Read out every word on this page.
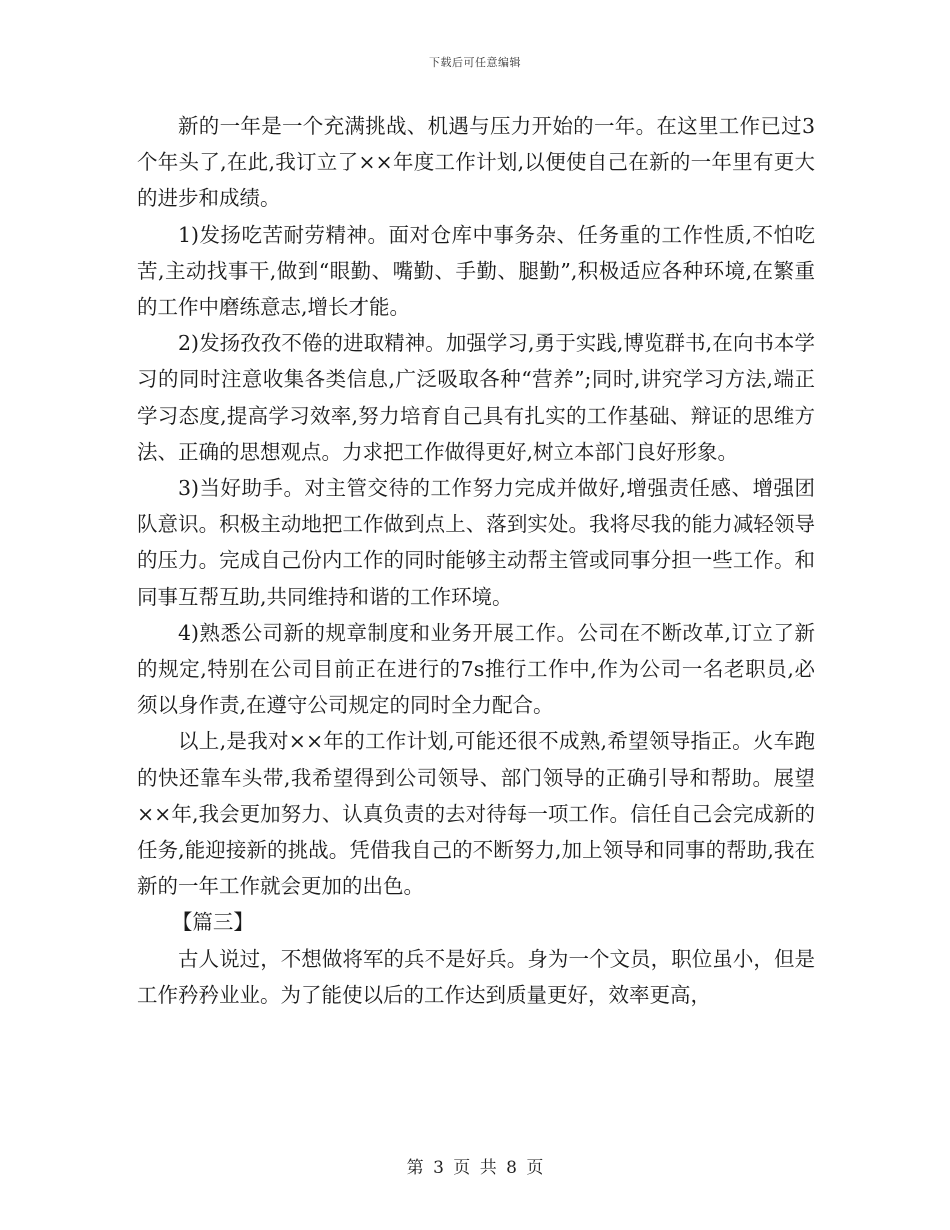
下载后可任意编辑

新的一年是一个充满挑战、机遇与压力开始的一年。在这里工作已过3个年头了,在此,我订立了××年度工作计划,以便使自己在新的一年里有更大的进步和成绩。

1)发扬吃苦耐劳精神。面对仓库中事务杂、任务重的工作性质,不怕吃苦,主动找事干,做到“眼勤、嘴勤、手勤、腿勤”,积极适应各种环境,在繁重的工作中磨练意志,增长才能。

2)发扬孜孜不倦的进取精神。加强学习,勇于实践,博览群书,在向书本学习的同时注意收集各类信息,广泛吸取各种“营养”;同时,讲究学习方法,端正学习态度,提高学习效率,努力培育自己具有扎实的工作基础、辩证的思维方法、正确的思想观点。力求把工作做得更好,树立本部门良好形象。

3)当好助手。对主管交待的工作努力完成并做好,增强责任感、增强团队意识。积极主动地把工作做到点上、落到实处。我将尽我的能力减轻领导的压力。完成自己份内工作的同时能够主动帮主管或同事分担一些工作。和同事互帮互助,共同维持和谐的工作环境。

4)熟悉公司新的规章制度和业务开展工作。公司在不断改革,订立了新的规定,特别在公司目前正在进行的7s推行工作中,作为公司一名老职员,必须以身作责,在遵守公司规定的同时全力配合。

以上,是我对××年的工作计划,可能还很不成熟,希望领导指正。火车跑的快还靠车头带,我希望得到公司领导、部门领导的正确引导和帮助。展望××年,我会更加努力、认真负责的去对待每一项工作。信任自己会完成新的任务,能迎接新的挑战。凭借我自己的不断努力,加上领导和同事的帮助,我在新的一年工作就会更加的出色。

【篇三】

古人说过，不想做将军的兵不是好兵。身为一个文员，职位虽小，但是工作矜矜业业。为了能使以后的工作达到质量更好，效率更高，

第 3 页 共 8 页
